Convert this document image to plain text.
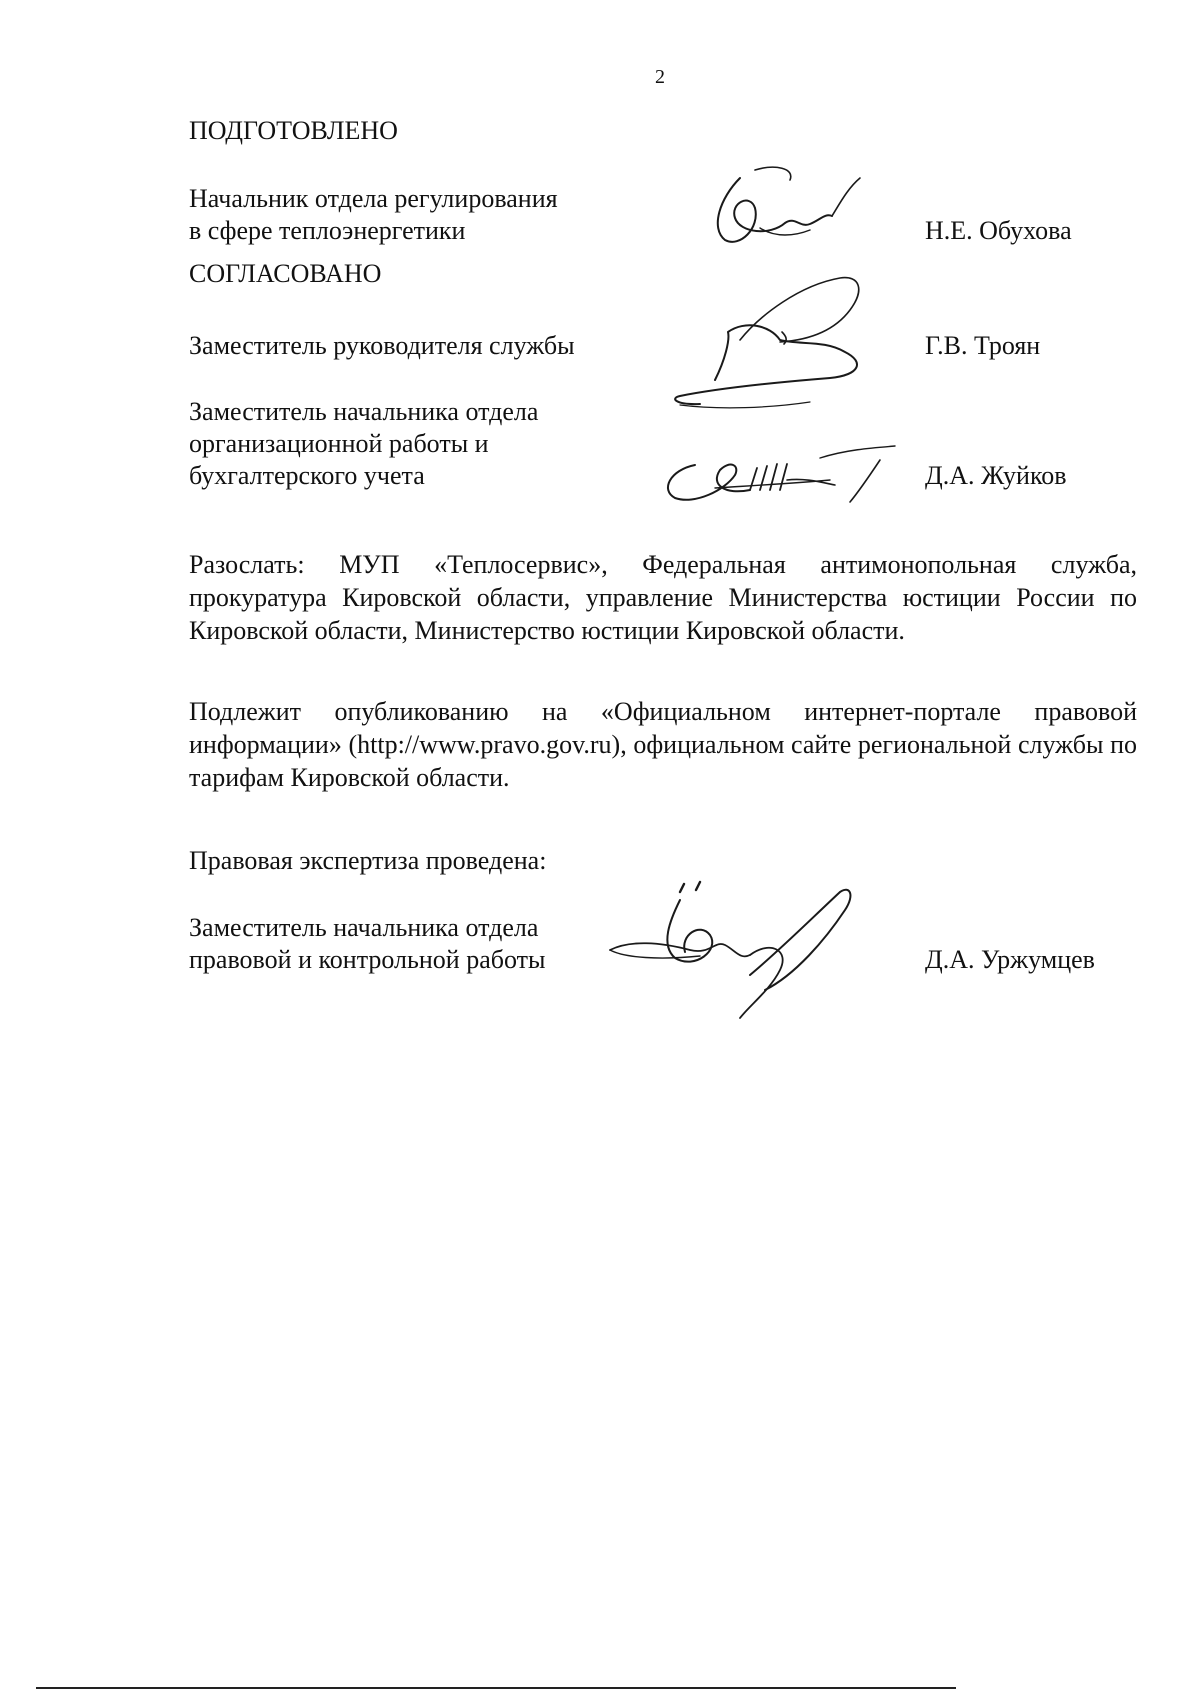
2
ПОДГОТОВЛЕНО
Начальник отдела регулирования
в сфере теплоэнергетики	Н.Е. Обухова
СОГЛАСОВАНО
Заместитель руководителя службы	Г.В. Троян
Заместитель начальника отдела
организационной работы и
бухгалтерского учета	Д.А. Жуйков
Разослать: МУП «Теплосервис», Федеральная антимонопольная служба, прокуратура Кировской области, управление Министерства юстиции России по Кировской области, Министерство юстиции Кировской области.
Подлежит опубликованию на «Официальном интернет-портале правовой информации» (http://www.pravo.gov.ru), официальном сайте региональной службы по тарифам Кировской области.
Правовая экспертиза проведена:
Заместитель начальника отдела
правовой и контрольной работы	Д.А. Уржумцев
